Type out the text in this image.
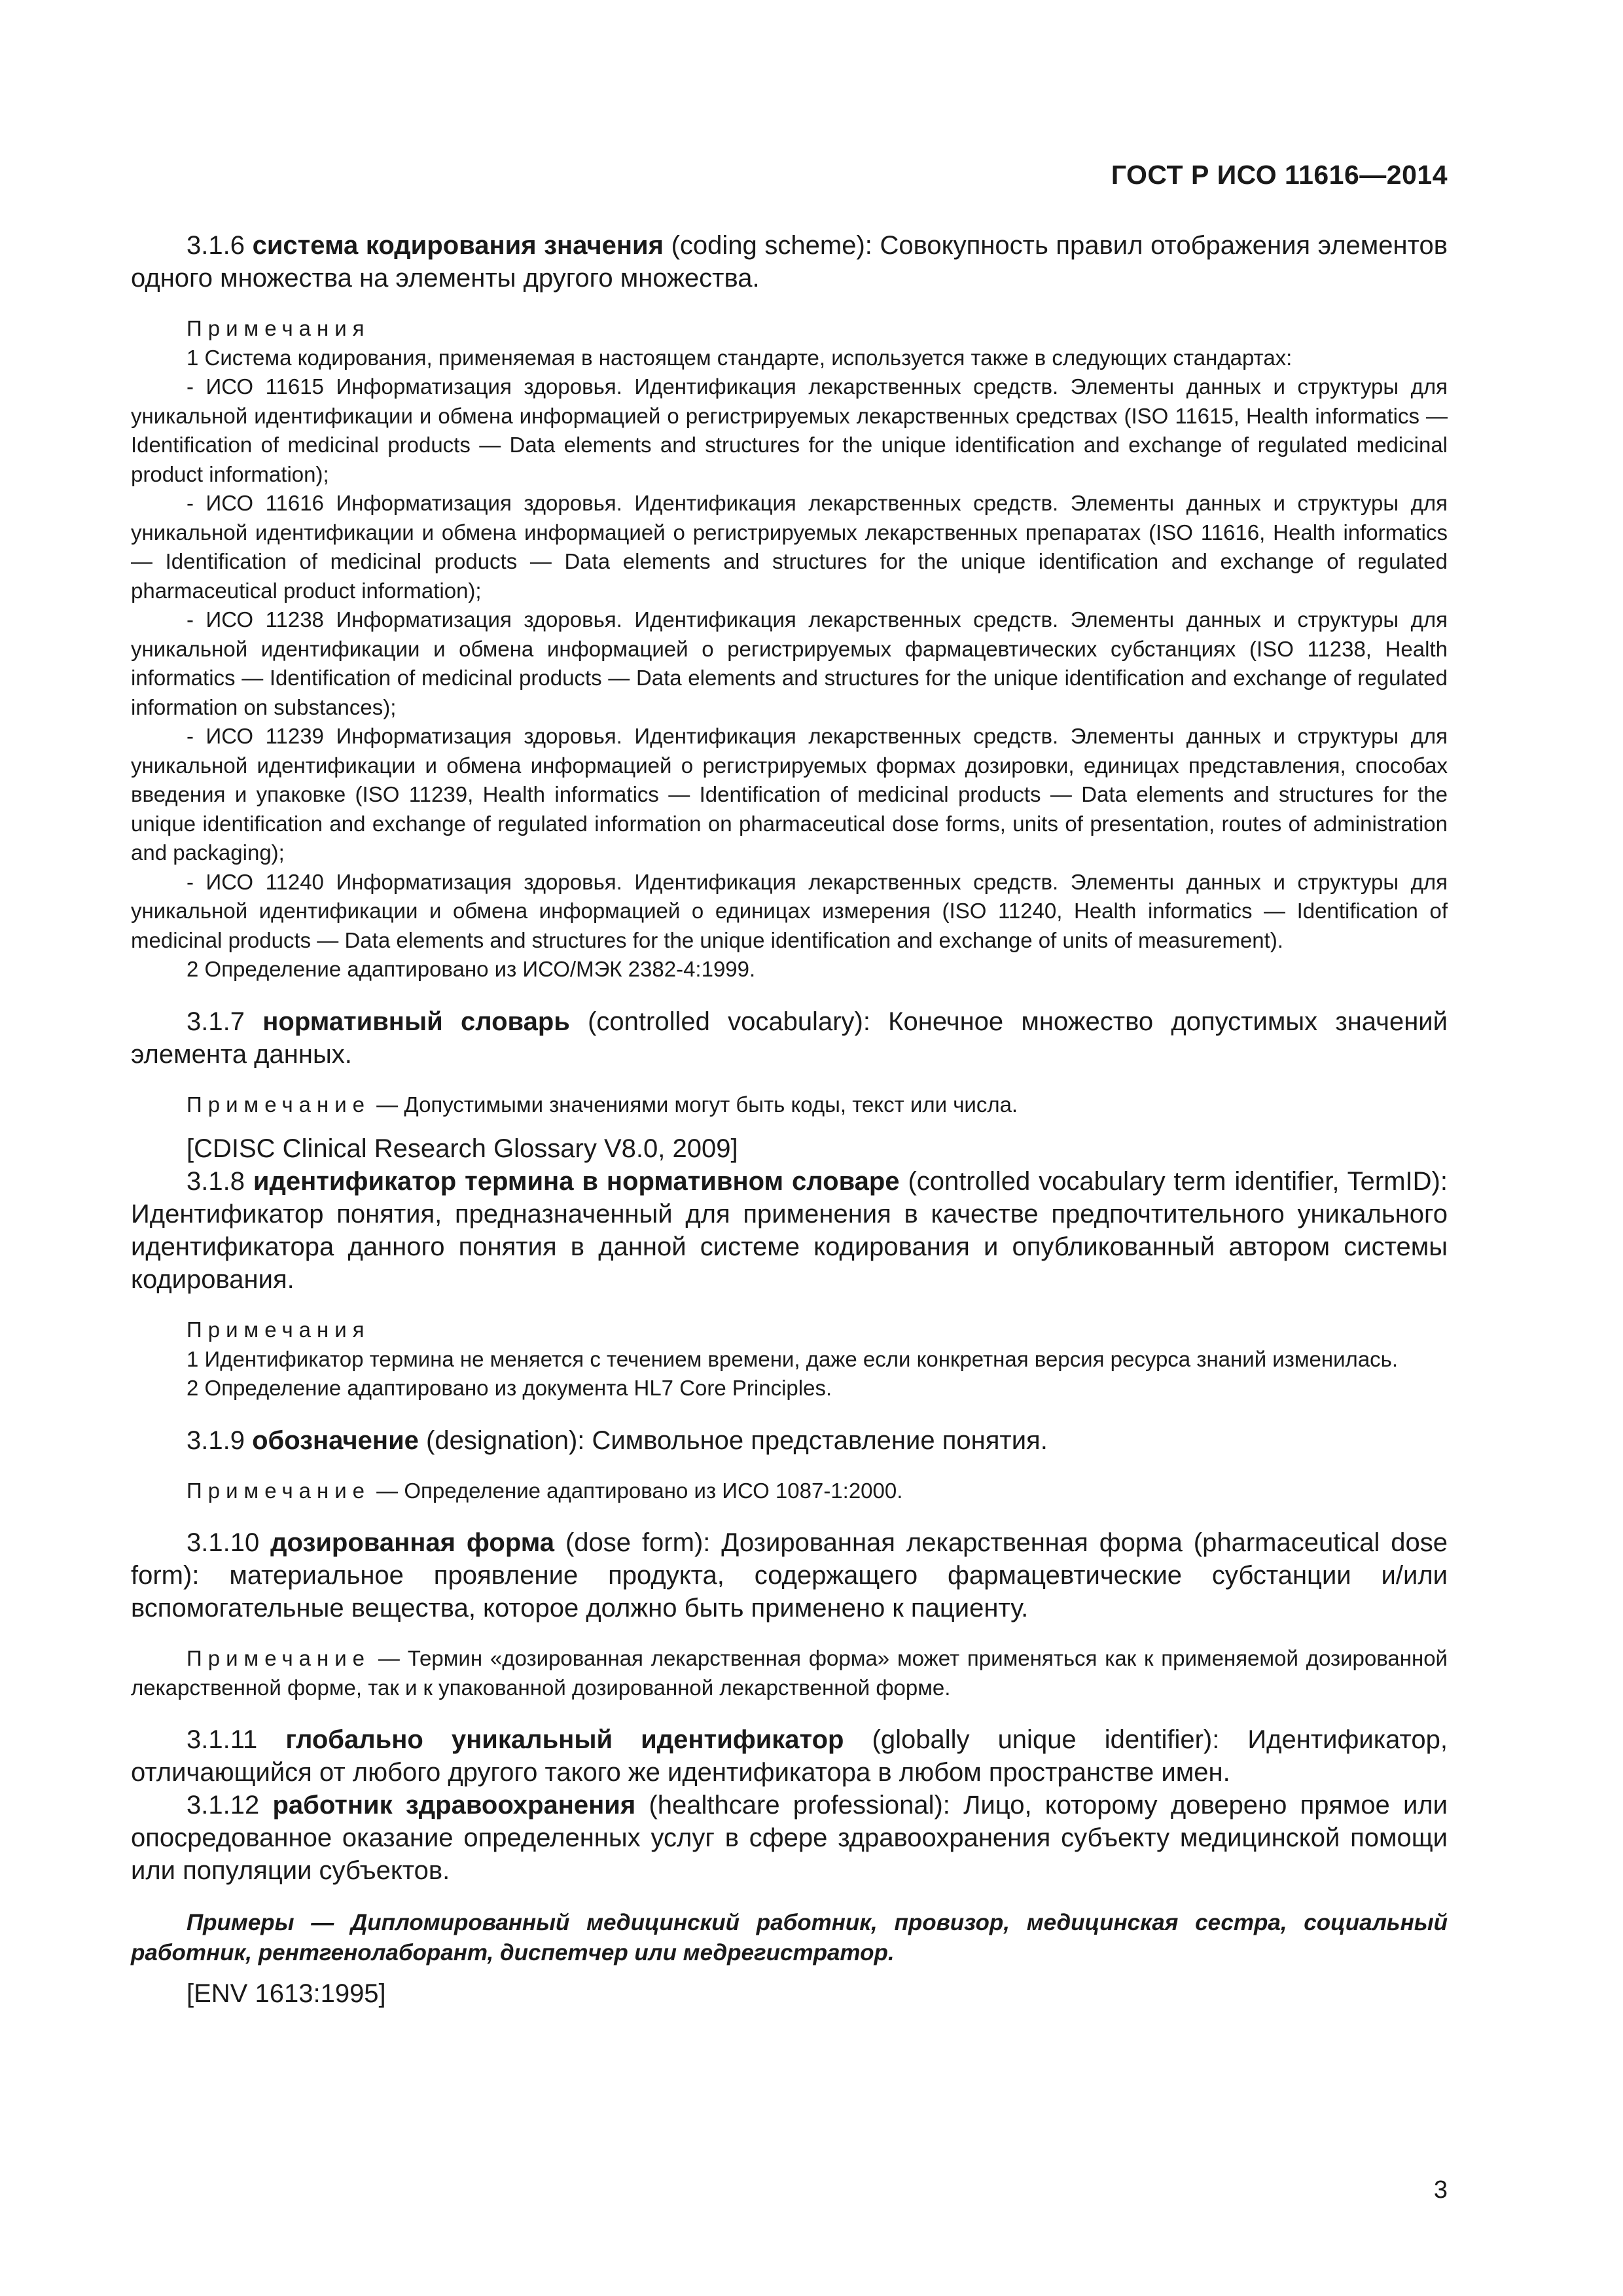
ГОСТ Р ИСО 11616—2014

3.1.6 система кодирования значения (coding scheme): Совокупность правил отображения элементов одного множества на элементы другого множества.

Примечания

1 Система кодирования, применяемая в настоящем стандарте, используется также в следующих стандартах:

- ИСО 11615 Информатизация здоровья. Идентификация лекарственных средств. Элементы данных и структуры для уникальной идентификации и обмена информацией о регистрируемых лекарственных средствах (ISO 11615, Health informatics — Identification of medicinal products — Data elements and structures for the unique identification and exchange of regulated medicinal product information);

- ИСО 11616 Информатизация здоровья. Идентификация лекарственных средств. Элементы данных и структуры для уникальной идентификации и обмена информацией о регистрируемых лекарственных препаратах (ISO 11616, Health informatics — Identification of medicinal products — Data elements and structures for the unique identification and exchange of regulated pharmaceutical product information);

- ИСО 11238 Информатизация здоровья. Идентификация лекарственных средств. Элементы данных и структуры для уникальной идентификации и обмена информацией о регистрируемых фармацевтических субстанциях (ISO 11238, Health informatics — Identification of medicinal products — Data elements and structures for the unique identification and exchange of regulated information on substances);

- ИСО 11239 Информатизация здоровья. Идентификация лекарственных средств. Элементы данных и структуры для уникальной идентификации и обмена информацией о регистрируемых формах дозировки, единицах представления, способах введения и упаковке (ISO 11239, Health informatics — Identification of medicinal products — Data elements and structures for the unique identification and exchange of regulated information on pharmaceutical dose forms, units of presentation, routes of administration and packaging);

- ИСО 11240 Информатизация здоровья. Идентификация лекарственных средств. Элементы данных и структуры для уникальной идентификации и обмена информацией о единицах измерения (ISO 11240, Health informatics — Identification of medicinal products — Data elements and structures for the unique identification and exchange of units of measurement).

2 Определение адаптировано из ИСО/МЭК 2382-4:1999.

3.1.7 нормативный словарь (controlled vocabulary): Конечное множество допустимых значений элемента данных.

Примечание — Допустимыми значениями могут быть коды, текст или числа.

[CDISC Clinical Research Glossary V8.0, 2009]

3.1.8 идентификатор термина в нормативном словаре (controlled vocabulary term identifier, TermID): Идентификатор понятия, предназначенный для применения в качестве предпочтительного уникального идентификатора данного понятия в данной системе кодирования и опубликованный автором системы кодирования.

Примечания

1 Идентификатор термина не меняется с течением времени, даже если конкретная версия ресурса знаний изменилась.

2 Определение адаптировано из документа HL7 Core Principles.

3.1.9 обозначение (designation): Символьное представление понятия.

Примечание — Определение адаптировано из ИСО 1087-1:2000.

3.1.10 дозированная форма (dose form): Дозированная лекарственная форма (pharmaceutical dose form): материальное проявление продукта, содержащего фармацевтические субстанции и/или вспомогательные вещества, которое должно быть применено к пациенту.

Примечание — Термин «дозированная лекарственная форма» может применяться как к применяемой дозированной лекарственной форме, так и к упакованной дозированной лекарственной форме.

3.1.11 глобально уникальный идентификатор (globally unique identifier): Идентификатор, отличающийся от любого другого такого же идентификатора в любом пространстве имен.

3.1.12 работник здравоохранения (healthcare professional): Лицо, которому доверено прямое или опосредованное оказание определенных услуг в сфере здравоохранения субъекту медицинской помощи или популяции субъектов.

Примеры — Дипломированный медицинский работник, провизор, медицинская сестра, социальный работник, рентгенолаборант, диспетчер или медрегистратор.

[ENV 1613:1995]

3
